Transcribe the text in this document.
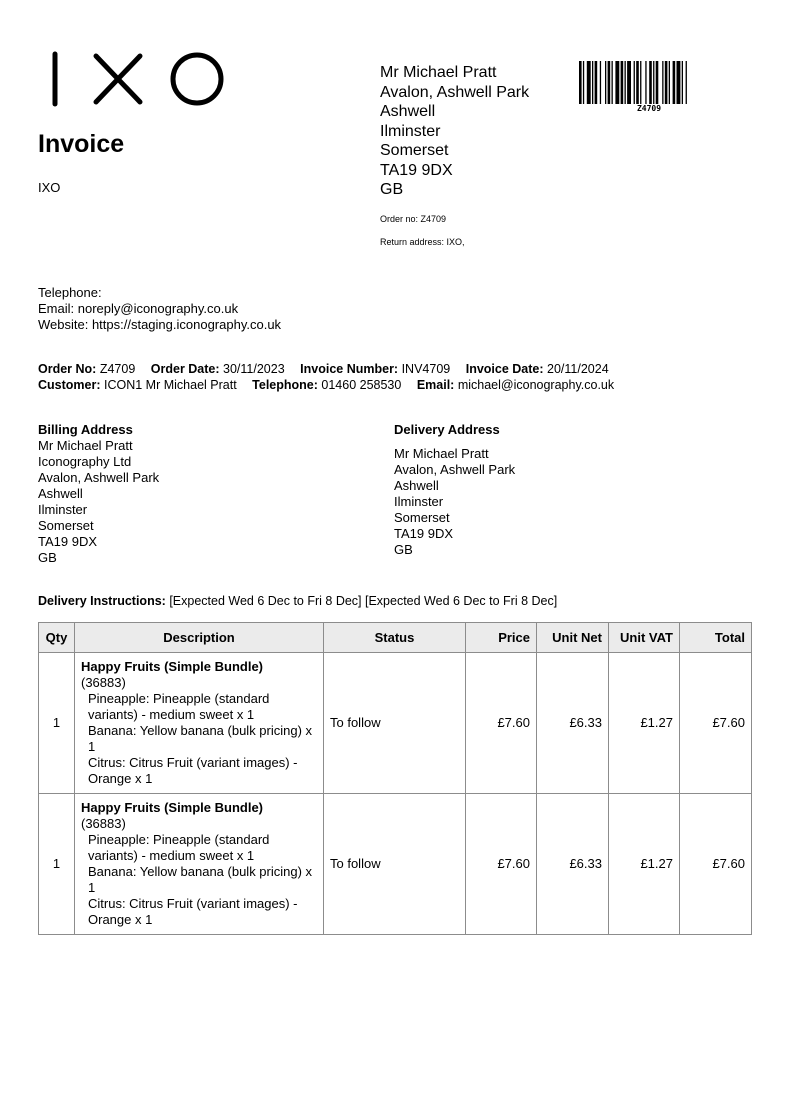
Invoice
IXO
Mr Michael Pratt
Avalon, Ashwell Park
Ashwell
Ilminster
Somerset
TA19 9DX
GB
Order no: Z4709
Return address: IXO,
Z4709
Telephone:
Email: noreply@iconography.co.uk
Website: https://staging.iconography.co.uk
Order No: Z4709 Order Date: 30/11/2023 Invoice Number: INV4709 Invoice Date: 20/11/2024
Customer: ICON1 Mr Michael Pratt Telephone: 01460 258530 Email: michael@iconography.co.uk
Billing Address
Mr Michael Pratt
Iconography Ltd
Avalon, Ashwell Park
Ashwell
Ilminster
Somerset
TA19 9DX
GB
Delivery Address
Mr Michael Pratt
Avalon, Ashwell Park
Ashwell
Ilminster
Somerset
TA19 9DX
GB
Delivery Instructions: [Expected Wed 6 Dec to Fri 8 Dec] [Expected Wed 6 Dec to Fri 8 Dec]
Qty	Description	Status	Price	Unit Net	Unit VAT	Total
1	Happy Fruits (Simple Bundle)
(36883)
Pineapple: Pineapple (standard variants) - medium sweet x 1
Banana: Yellow banana (bulk pricing) x 1
Citrus: Citrus Fruit (variant images) - Orange x 1	To follow	£7.60	£6.33	£1.27	£7.60
1	Happy Fruits (Simple Bundle)
(36883)
Pineapple: Pineapple (standard variants) - medium sweet x 1
Banana: Yellow banana (bulk pricing) x 1
Citrus: Citrus Fruit (variant images) - Orange x 1	To follow	£7.60	£6.33	£1.27	£7.60
